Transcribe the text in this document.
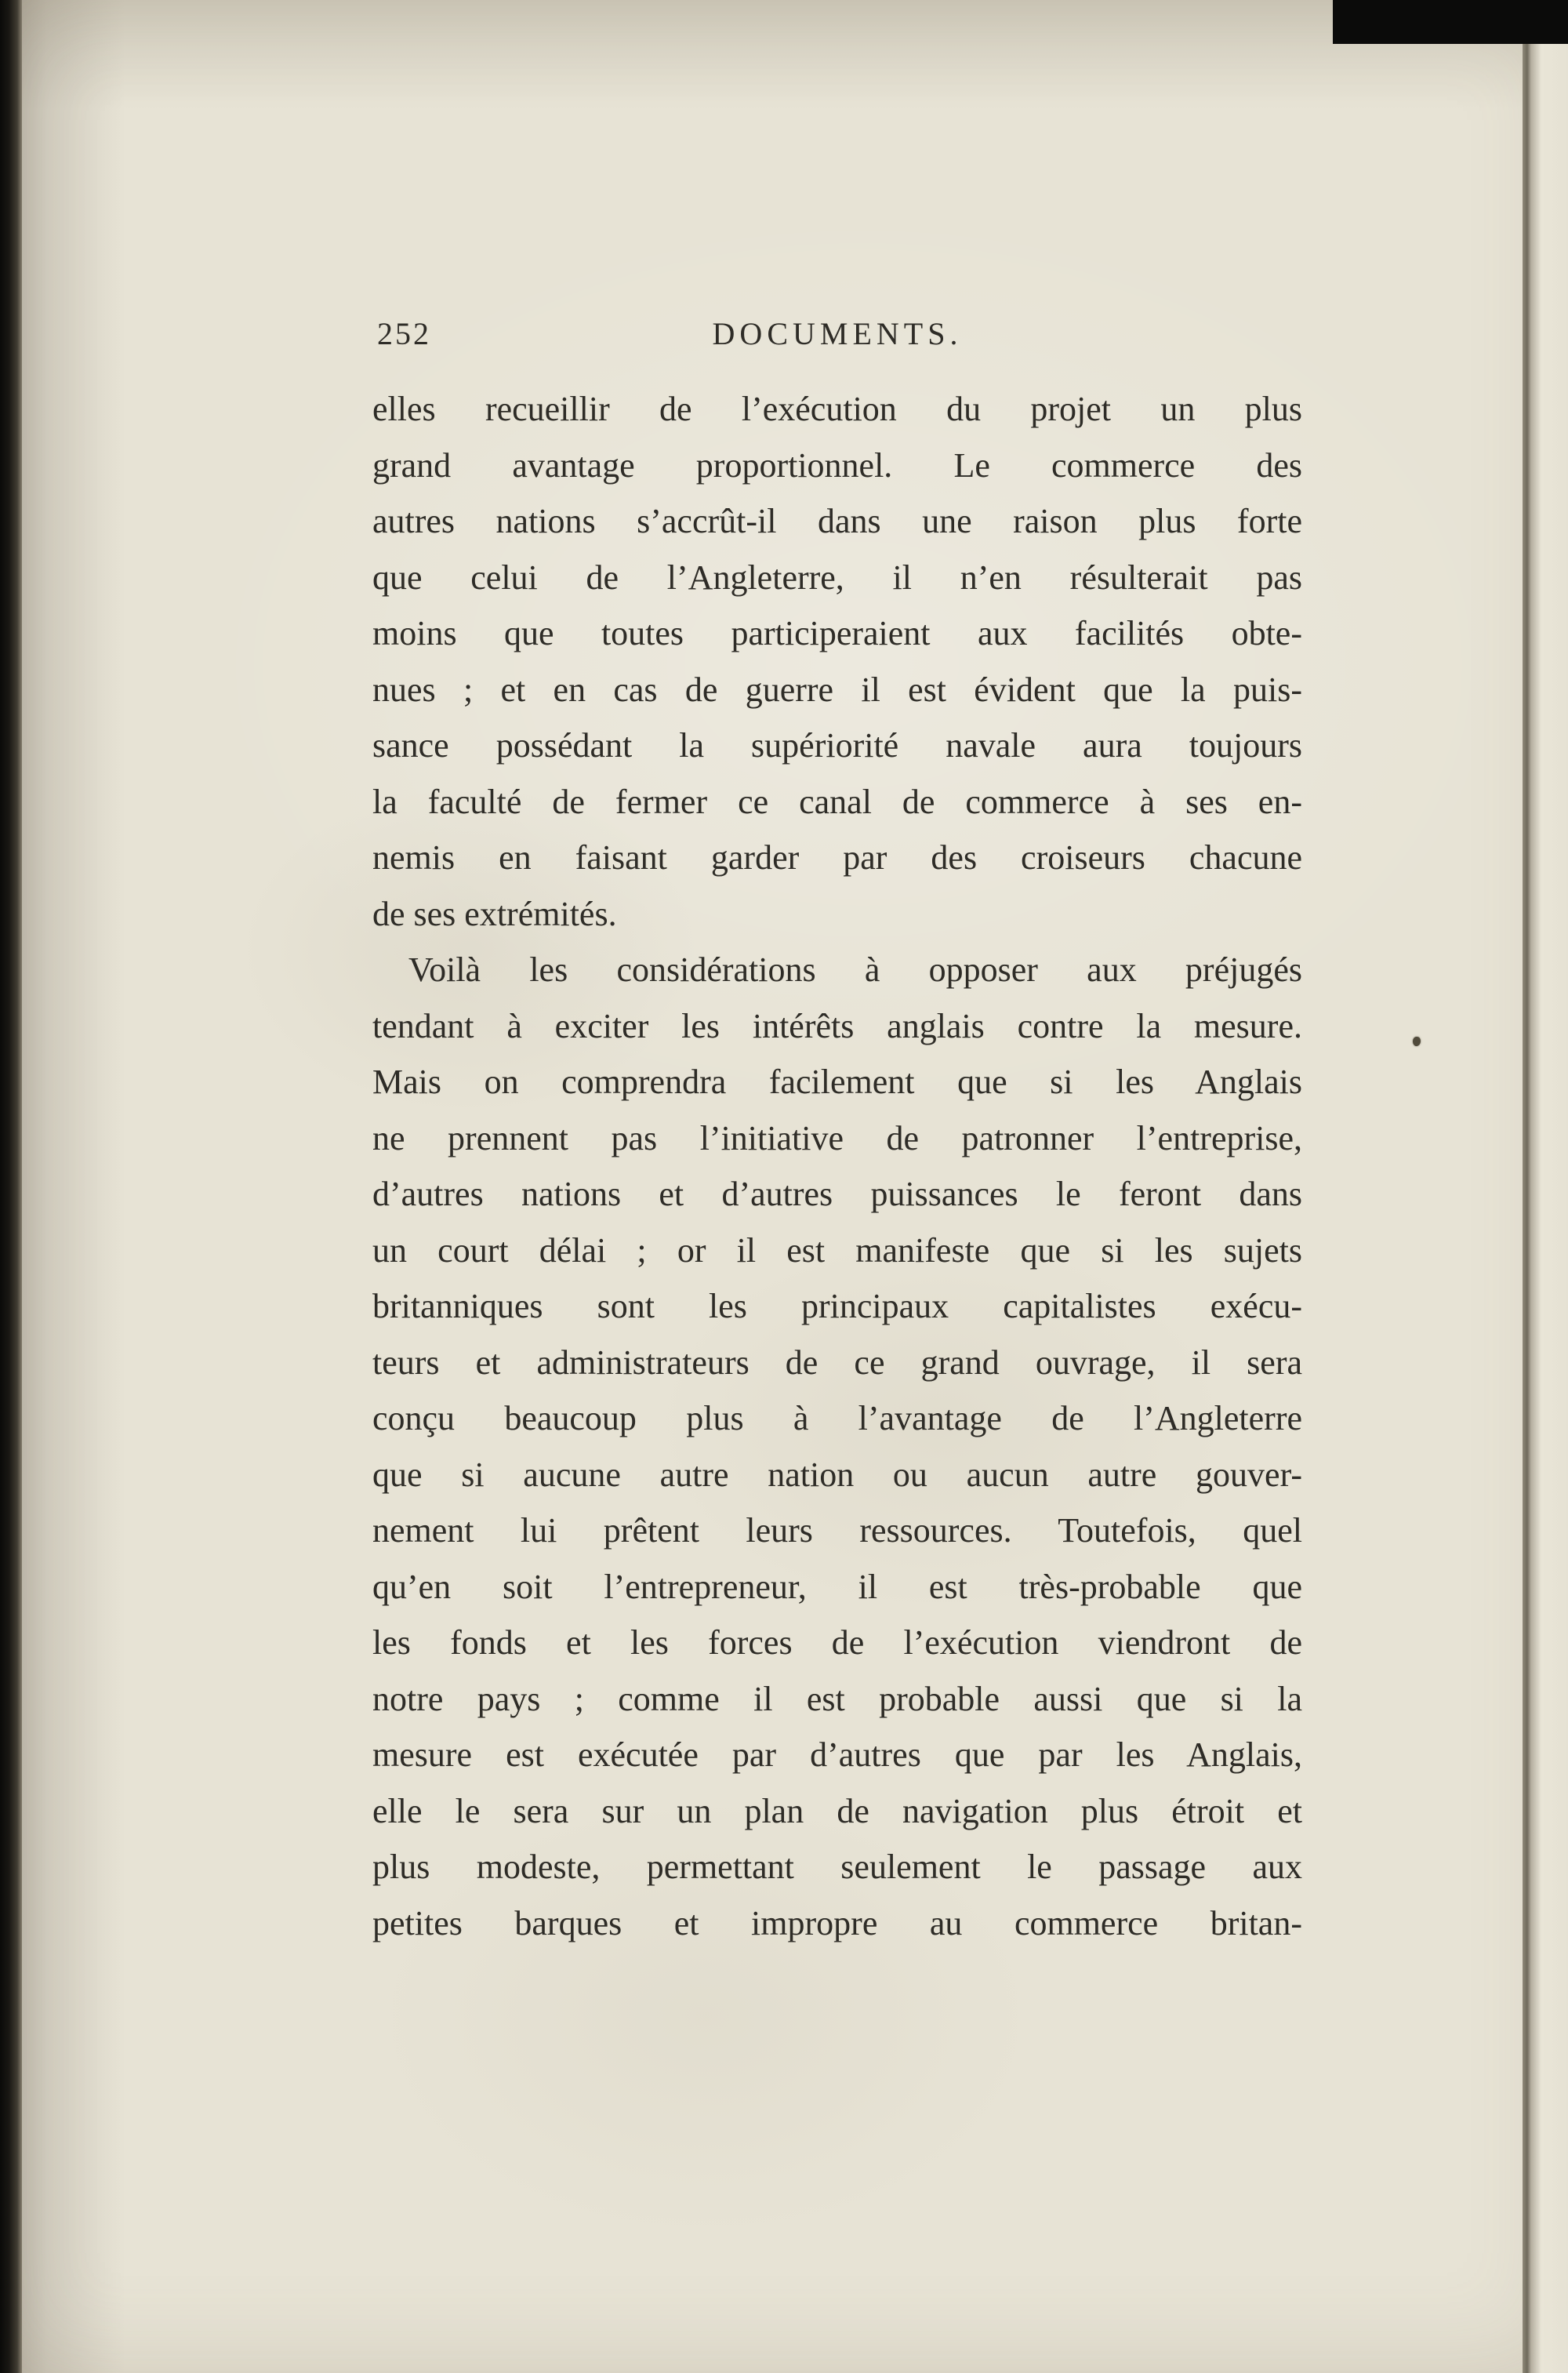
252	DOCUMENTS.
elles recueillir de l’exécution du projet un plus
grand avantage proportionnel. Le commerce des
autres nations s’accrût-il dans une raison plus forte
que celui de l’Angleterre, il n’en résulterait pas
moins que toutes participeraient aux facilités obte-
nues ; et en cas de guerre il est évident que la puis-
sance possédant la supériorité navale aura toujours
la faculté de fermer ce canal de commerce à ses en-
nemis en faisant garder par des croiseurs chacune
de ses extrémités.
Voilà les considérations à opposer aux préjugés
tendant à exciter les intérêts anglais contre la mesure.
Mais on comprendra facilement que si les Anglais
ne prennent pas l’initiative de patronner l’entreprise,
d’autres nations et d’autres puissances le feront dans
un court délai ; or il est manifeste que si les sujets
britanniques sont les principaux capitalistes exécu-
teurs et administrateurs de ce grand ouvrage, il sera
conçu beaucoup plus à l’avantage de l’Angleterre
que si aucune autre nation ou aucun autre gouver-
nement lui prêtent leurs ressources. Toutefois, quel
qu’en soit l’entrepreneur, il est très-probable que
les fonds et les forces de l’exécution viendront de
notre pays ; comme il est probable aussi que si la
mesure est exécutée par d’autres que par les Anglais,
elle le sera sur un plan de navigation plus étroit et
plus modeste, permettant seulement le passage aux
petites barques et impropre au commerce britan-
